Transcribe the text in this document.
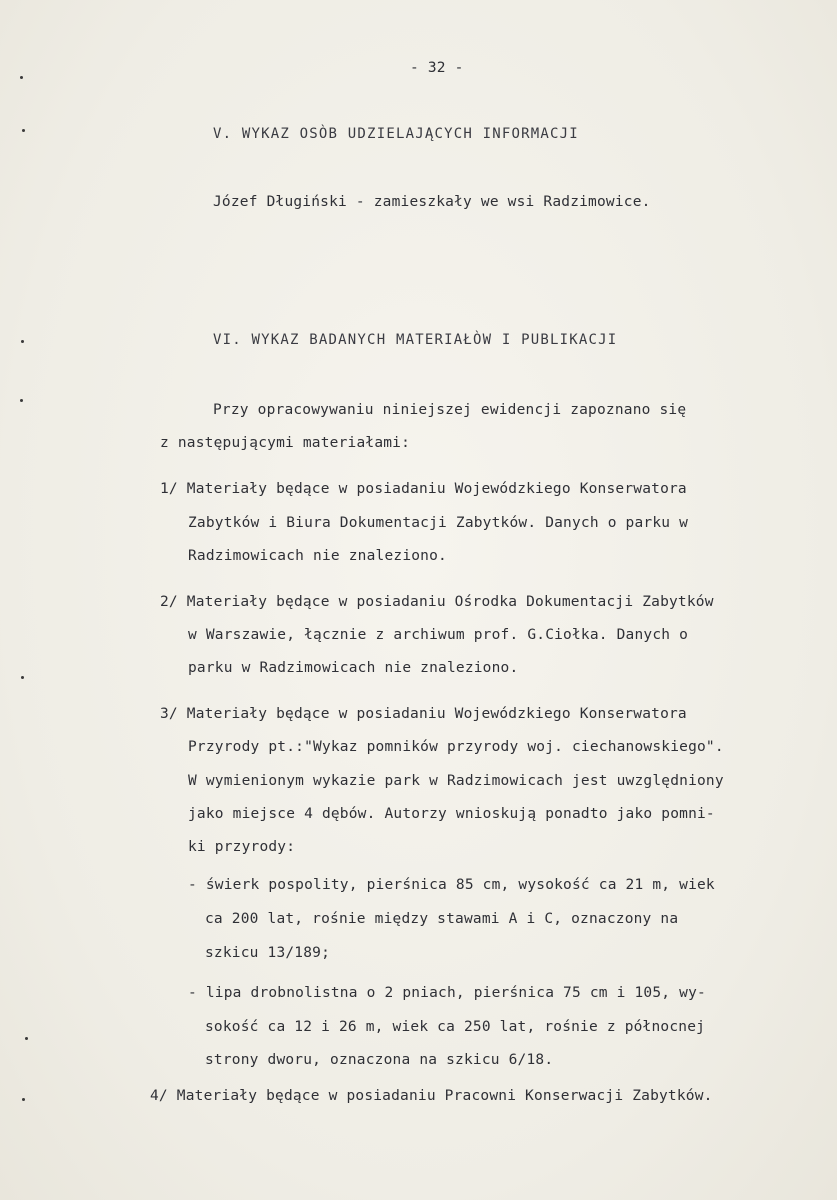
- 32 -
V. WYKAZ OSÒB UDZIELAJĄCYCH INFORMACJI
Józef Długiński - zamieszkały we wsi Radzimowice.
VI. WYKAZ BADANYCH MATERIAŁÒW I PUBLIKACJI
Przy opracowywaniu niniejszej ewidencji zapoznano się
z następującymi materiałami:
1/ Materiały będące w posiadaniu Wojewódzkiego Konserwatora
Zabytków i Biura Dokumentacji Zabytków. Danych o parku w
Radzimowicach nie znaleziono.
2/ Materiały będące w posiadaniu Ośrodka Dokumentacji Zabytków
w Warszawie, łącznie z archiwum prof. G.Ciołka. Danych o
parku w Radzimowicach nie znaleziono.
3/ Materiały będące w posiadaniu Wojewódzkiego Konserwatora
Przyrody pt.:"Wykaz pomników przyrody woj. ciechanowskiego".
W wymienionym wykazie park w Radzimowicach jest uwzględniony
jako miejsce 4 dębów. Autorzy wnioskują ponadto jako pomni-
ki przyrody:
- świerk pospolity, pierśnica 85 cm, wysokość ca 21 m, wiek
ca 200 lat, rośnie między stawami A i C, oznaczony na
szkicu 13/189;
- lipa drobnolistna o 2 pniach, pierśnica 75 cm i 105, wy-
sokość ca 12 i 26 m, wiek ca 250 lat, rośnie z północnej
strony dworu, oznaczona na szkicu 6/18.
4/ Materiały będące w posiadaniu Pracowni Konserwacji Zabytków.
